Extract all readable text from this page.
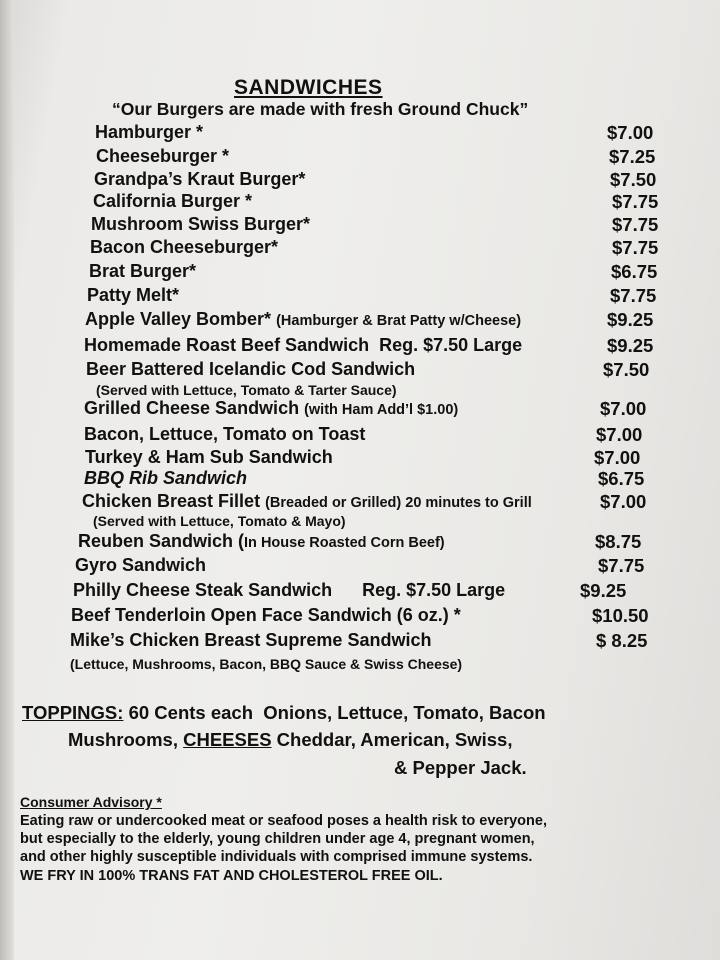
SANDWICHES
“Our Burgers are made with fresh Ground Chuck”
Hamburger *	$7.00
Cheeseburger *	$7.25
Grandpa’s Kraut Burger*	$7.50
California Burger *	$7.75
Mushroom Swiss Burger*	$7.75
Bacon Cheeseburger*	$7.75
Brat Burger*	$6.75
Patty Melt*	$7.75
Apple Valley Bomber* (Hamburger & Brat Patty w/Cheese)	$9.25
Homemade Roast Beef Sandwich  Reg. $7.50 Large	$9.25
Beer Battered Icelandic Cod Sandwich	$7.50
(Served with Lettuce, Tomato & Tarter Sauce)
Grilled Cheese Sandwich (with Ham Add’l $1.00)	$7.00
Bacon, Lettuce, Tomato on Toast	$7.00
Turkey & Ham Sub Sandwich	$7.00
BBQ Rib Sandwich	$6.75
Chicken Breast Fillet (Breaded or Grilled) 20 minutes to Grill	$7.00
(Served with Lettuce, Tomato & Mayo)
Reuben Sandwich (In House Roasted Corn Beef)	$8.75
Gyro Sandwich	$7.75
Philly Cheese Steak Sandwich      Reg. $7.50 Large	$9.25
Beef Tenderloin Open Face Sandwich (6 oz.) *	$10.50
Mike’s Chicken Breast Supreme Sandwich	$ 8.25
(Lettuce, Mushrooms, Bacon, BBQ Sauce & Swiss Cheese)
TOPPINGS: 60 Cents each  Onions, Lettuce, Tomato, Bacon
Mushrooms, CHEESES Cheddar, American, Swiss,
& Pepper Jack.
Consumer Advisory *
Eating raw or undercooked meat or seafood poses a health risk to everyone,
but especially to the elderly, young children under age 4, pregnant women,
and other highly susceptible individuals with comprised immune systems.
WE FRY IN 100% TRANS FAT AND CHOLESTEROL FREE OIL.
